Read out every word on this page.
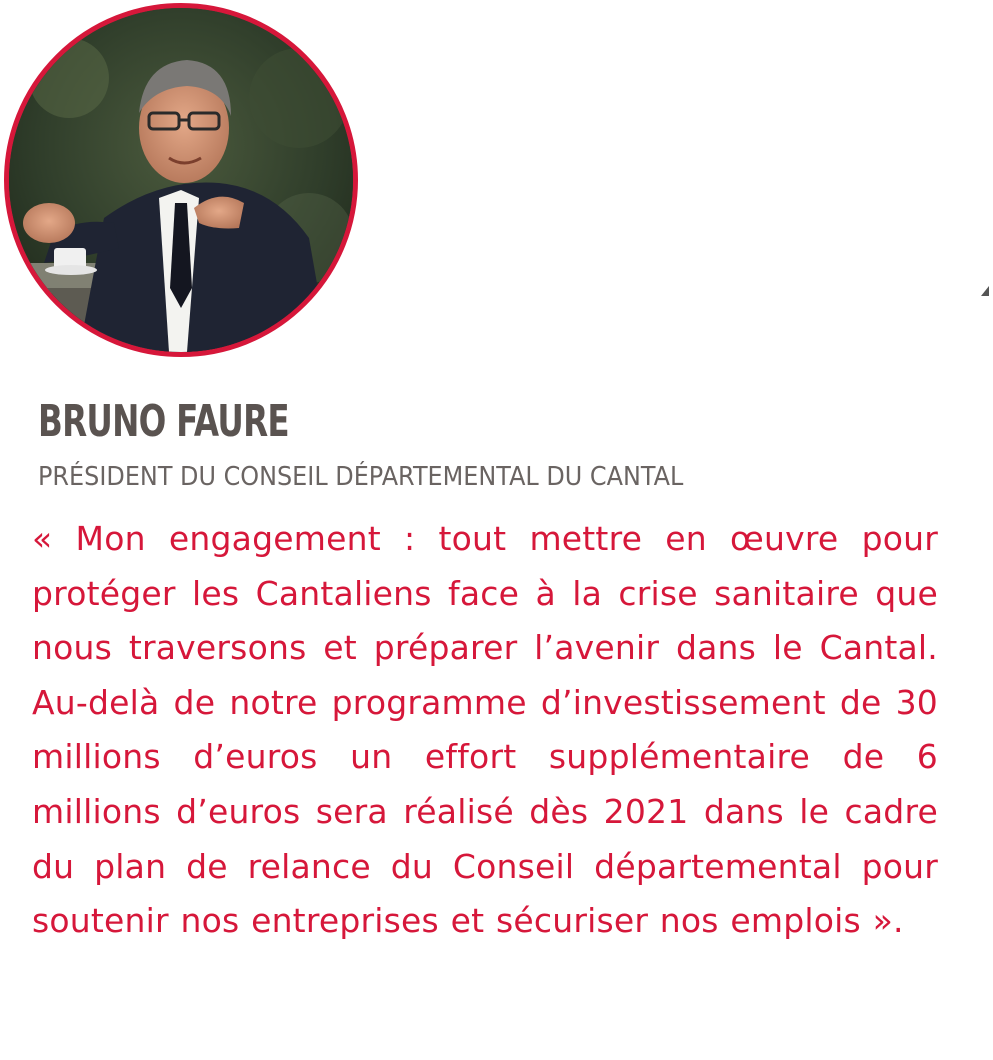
BRUNO FAURE

PRÉSIDENT DU CONSEIL DÉPARTEMENTAL DU CANTAL

« Mon engagement : tout mettre en œuvre pour protéger les Cantaliens face à la crise sanitaire que nous traversons et préparer l’avenir dans le Cantal. Au-delà de notre programme d’investissement de 30 millions d’euros un effort supplémentaire de 6 millions d’euros sera réalisé dès 2021 dans le cadre du plan de relance du Conseil départemental pour soutenir nos entreprises et sécuriser nos emplois ».
